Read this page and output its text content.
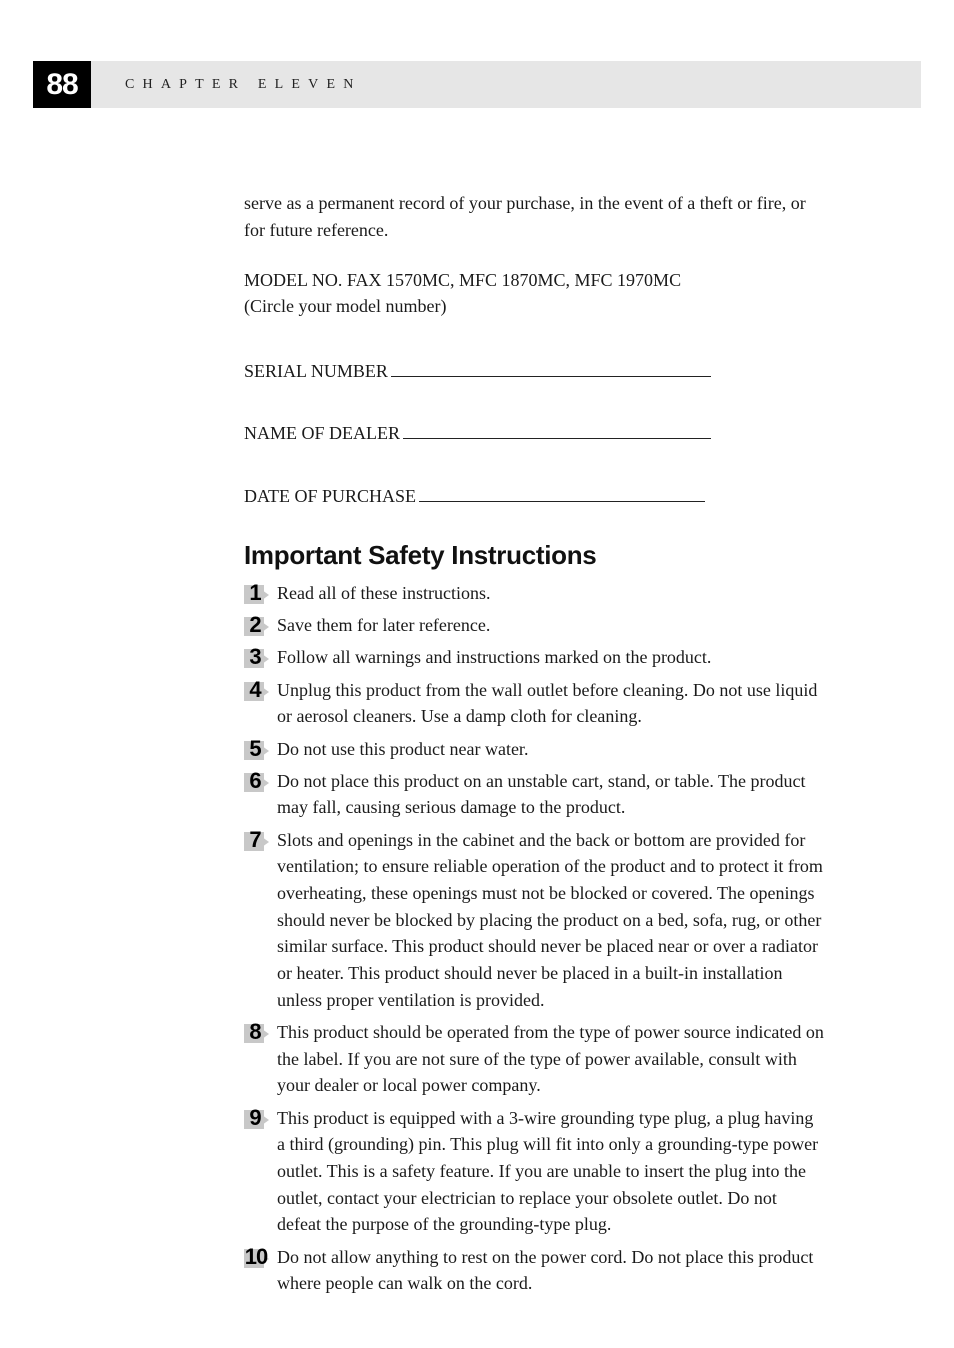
88	CHAPTER ELEVEN

serve as a permanent record of your purchase, in the event of a theft or fire, or for future reference.

MODEL NO. FAX 1570MC, MFC 1870MC, MFC 1970MC
(Circle your model number)
SERIAL NUMBER
NAME OF DEALER
DATE OF PURCHASE
Important Safety Instructions
1 Read all of these instructions.
2 Save them for later reference.
3 Follow all warnings and instructions marked on the product.
4 Unplug this product from the wall outlet before cleaning. Do not use liquid or aerosol cleaners. Use a damp cloth for cleaning.
5 Do not use this product near water.
6 Do not place this product on an unstable cart, stand, or table. The product may fall, causing serious damage to the product.
7 Slots and openings in the cabinet and the back or bottom are provided for ventilation; to ensure reliable operation of the product and to protect it from overheating, these openings must not be blocked or covered. The openings should never be blocked by placing the product on a bed, sofa, rug, or other similar surface. This product should never be placed near or over a radiator or heater. This product should never be placed in a built-in installation unless proper ventilation is provided.
8 This product should be operated from the type of power source indicated on the label. If you are not sure of the type of power available, consult with your dealer or local power company.
9 This product is equipped with a 3-wire grounding type plug, a plug having a third (grounding) pin. This plug will fit into only a grounding-type power outlet. This is a safety feature. If you are unable to insert the plug into the outlet, contact your electrician to replace your obsolete outlet. Do not defeat the purpose of the grounding-type plug.
10 Do not allow anything to rest on the power cord. Do not place this product where people can walk on the cord.
